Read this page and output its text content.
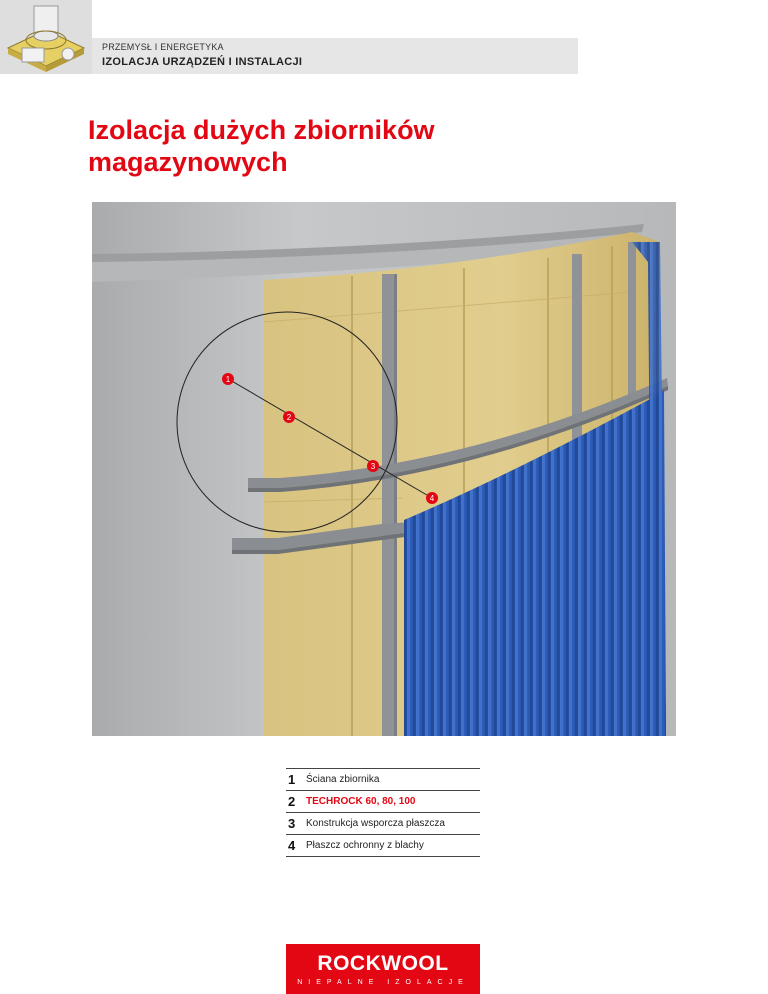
PRZEMYSŁ I ENERGETYKA
IZOLACJA URZĄDZEŃ I INSTALACJI
Izolacja dużych zbiorników
magazynowych
1
2
3
4
1	Ściana zbiornika
2	TECHROCK 60, 80, 100
3	Konstrukcja wsporcza płaszcza
4	Płaszcz ochronny z blachy
ROCKWOOL
NIEPALNE IZOLACJE
